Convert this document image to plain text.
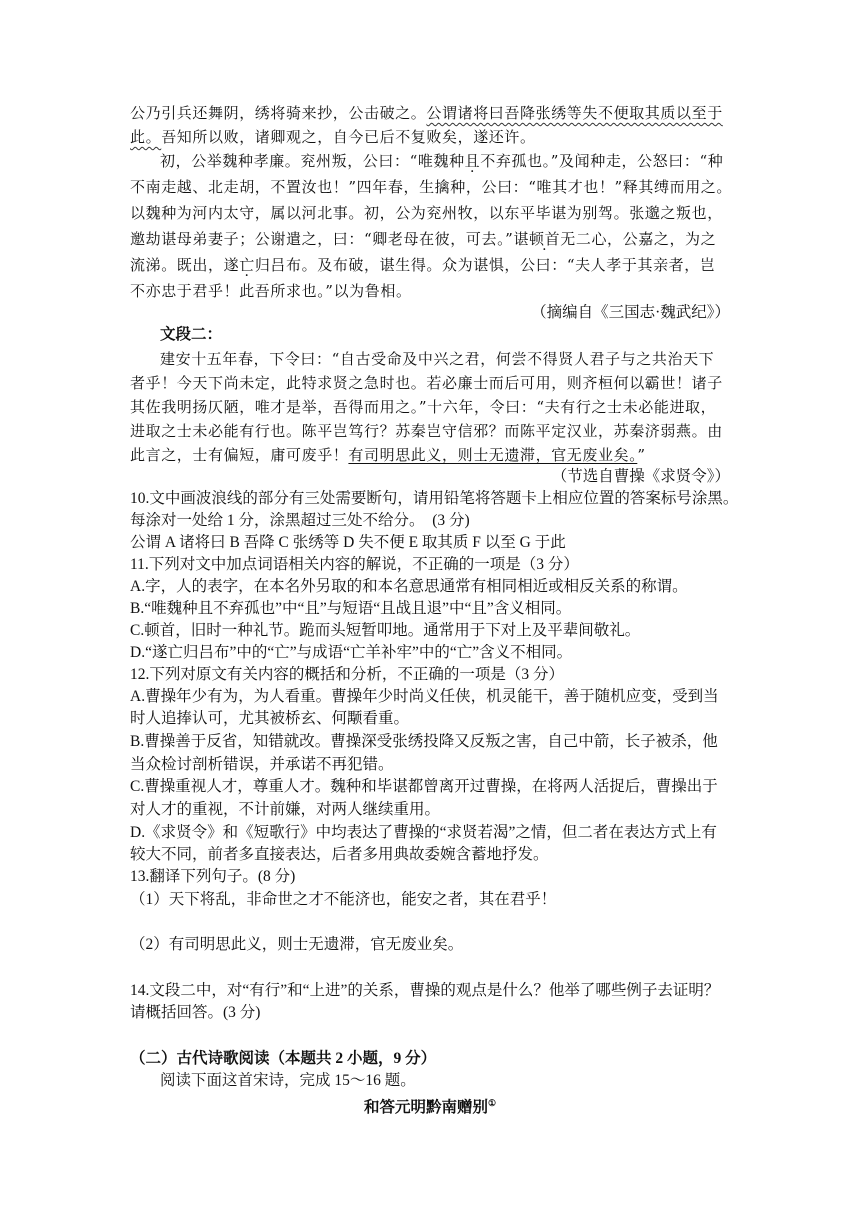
公乃引兵还舞阴，绣将骑来抄，公击破之。公谓诸将曰吾降张绣等失不便取其质以至于
此。吾知所以败，诸卿观之，自今已后不复败矣，遂还许。
初，公举魏种孝廉。兖州叛，公曰：“唯魏种且不弃孤也。”及闻种走，公怒曰：“种
不南走越、北走胡，不置汝也！”四年春，生擒种，公曰：“唯其才也！”释其缚而用之。
以魏种为河内太守，属以河北事。初，公为兖州牧，以东平毕谌为别驾。张邈之叛也，
邀劫谌母弟妻子；公谢遣之，曰：“卿老母在彼，可去。”谌顿首无二心，公嘉之，为之
流涕。既出，遂亡归吕布。及布破，谌生得。众为谌惧，公曰：“夫人孝于其亲者，岂
不亦忠于君乎！此吾所求也。”以为鲁相。
（摘编自《三国志·魏武纪》）
文段二：
建安十五年春，下令曰：“自古受命及中兴之君，何尝不得贤人君子与之共治天下
者乎！今天下尚未定，此特求贤之急时也。若必廉士而后可用，则齐桓何以霸世！诸子
其佐我明扬仄陋，唯才是举，吾得而用之。”十六年，令曰：“夫有行之士未必能进取，
进取之士未必能有行也。陈平岂笃行？苏秦岂守信邪？而陈平定汉业，苏秦济弱燕。由
此言之，士有偏短，庸可废乎！有司明思此义，则士无遗滞，官无废业矣。”
（节选自曹操《求贤令》）
10.文中画波浪线的部分有三处需要断句，请用铅笔将答题卡上相应位置的答案标号涂黑。
每涂对一处给 1 分，涂黑超过三处不给分。　(3 分)
公谓 A 诸将曰 B 吾降 C 张绣等 D 失不便 E 取其质 F 以至 G 于此
11.下列对文中加点词语相关内容的解说，不正确的一项是（3 分）
A.字，人的表字，在本名外另取的和本名意思通常有相同相近或相反关系的称谓。
B.“唯魏种且不弃孤也”中“且”与短语“且战且退”中“且”含义相同。
C.顿首，旧时一种礼节。跪而头短暂叩地。通常用于下对上及平辈间敬礼。
D.“遂亡归吕布”中的“亡”与成语“亡羊补牢”中的“亡”含义不相同。
12.下列对原文有关内容的概括和分析，不正确的一项是（3 分）
A.曹操年少有为，为人看重。曹操年少时尚义任侠，机灵能干，善于随机应变，受到当
时人追捧认可，尤其被桥玄、何颙看重。
B.曹操善于反省，知错就改。曹操深受张绣投降又反叛之害，自己中箭，长子被杀，他
当众检讨剖析错误，并承诺不再犯错。
C.曹操重视人才，尊重人才。魏种和毕谌都曾离开过曹操，在将两人活捉后，曹操出于
对人才的重视，不计前嫌，对两人继续重用。
D.《求贤令》和《短歌行》中均表达了曹操的“求贤若渴”之情，但二者在表达方式上有
较大不同，前者多直接表达，后者多用典故委婉含蓄地抒发。
13.翻译下列句子。(8 分)
（1）天下将乱，非命世之才不能济也，能安之者，其在君乎！
（2）有司明思此义，则士无遗滞，官无废业矣。
14.文段二中，对“有行”和“上进”的关系，曹操的观点是什么？他举了哪些例子去证明？
请概括回答。(3 分)
（二）古代诗歌阅读（本题共 2 小题，9 分）
阅读下面这首宋诗，完成 15～16 题。
和答元明黔南赠别①
